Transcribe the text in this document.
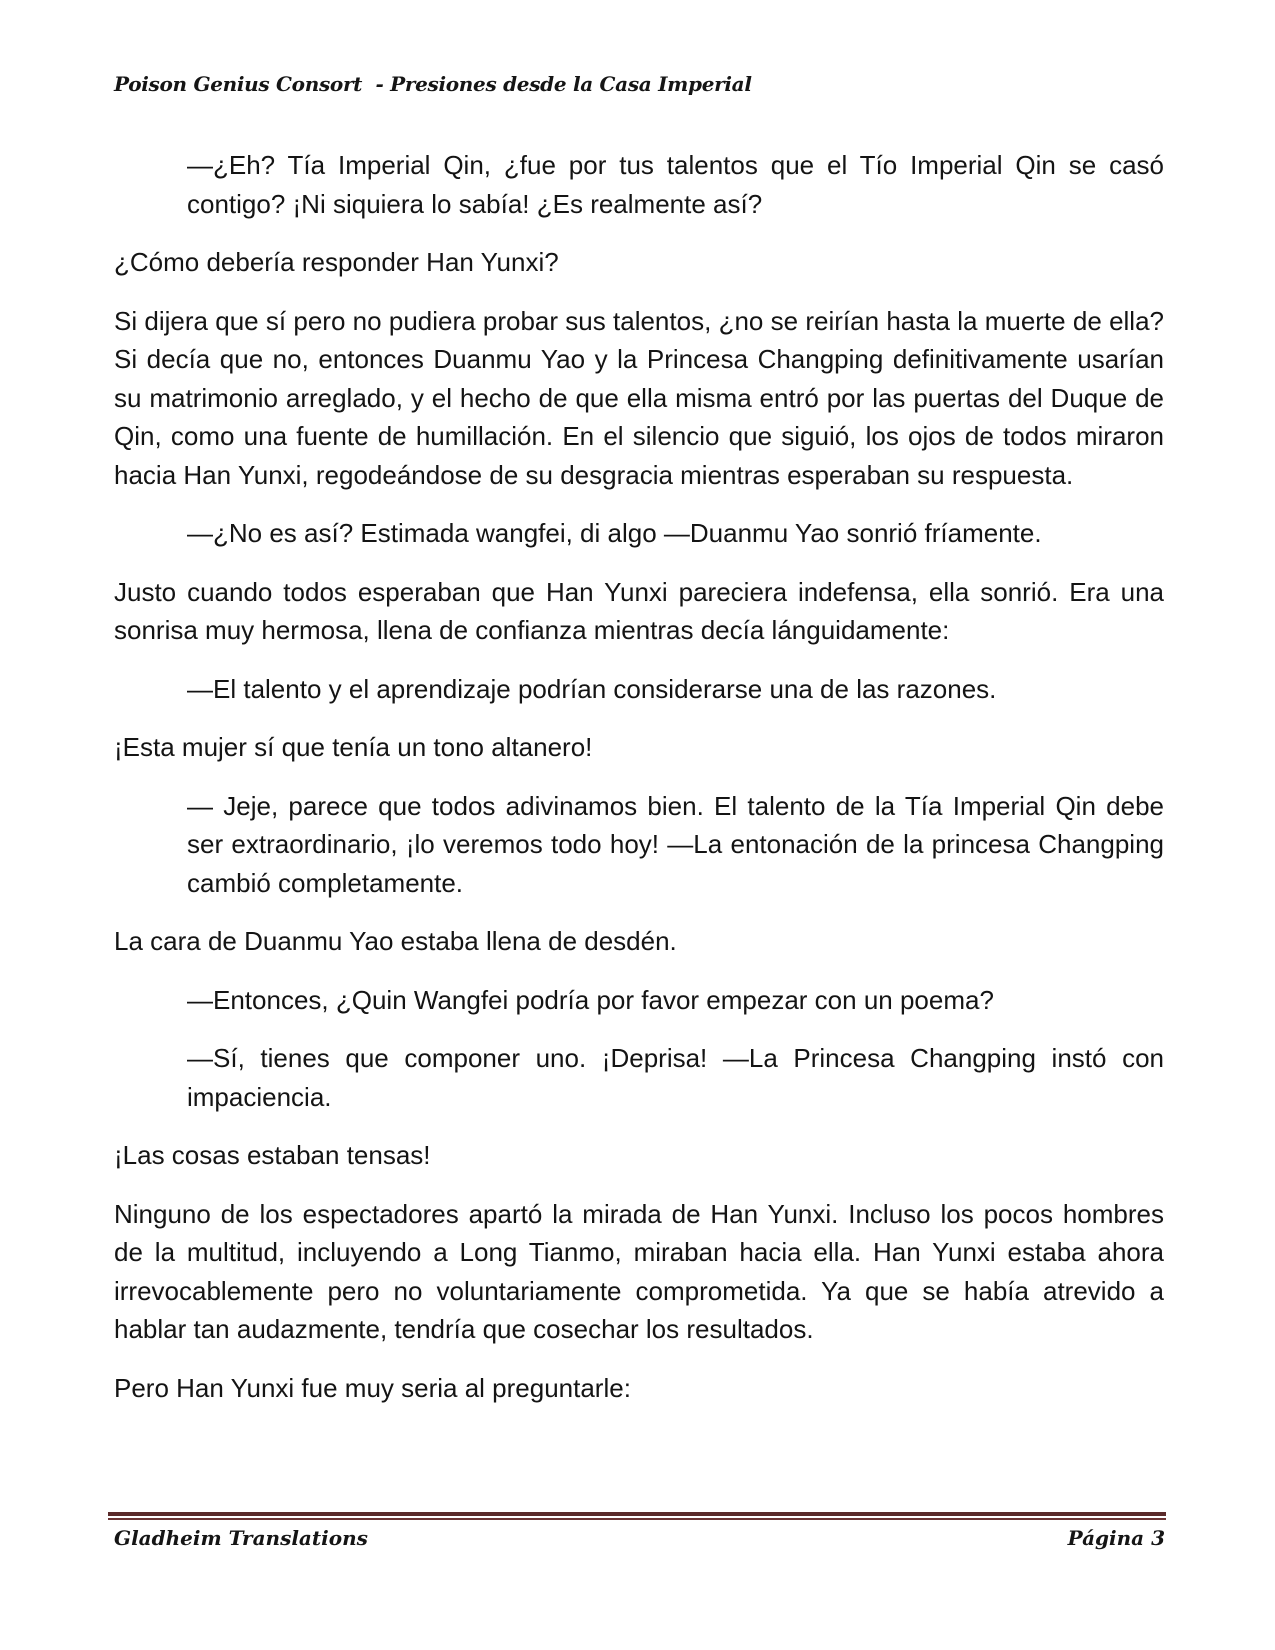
Poison Genius Consort  - Presiones desde la Casa Imperial

—¿Eh? Tía Imperial Qin, ¿fue por tus talentos que el Tío Imperial Qin se casó contigo? ¡Ni siquiera lo sabía! ¿Es realmente así?

¿Cómo debería responder Han Yunxi?

Si dijera que sí pero no pudiera probar sus talentos, ¿no se reirían hasta la muerte de ella? Si decía que no, entonces Duanmu Yao y la Princesa Changping definitivamente usarían su matrimonio arreglado, y el hecho de que ella misma entró por las puertas del Duque de Qin, como una fuente de humillación. En el silencio que siguió, los ojos de todos miraron hacia Han Yunxi, regodeándose de su desgracia mientras esperaban su respuesta.

—¿No es así? Estimada wangfei, di algo —Duanmu Yao sonrió fríamente.

Justo cuando todos esperaban que Han Yunxi pareciera indefensa, ella sonrió. Era una sonrisa muy hermosa, llena de confianza mientras decía lánguidamente:

—El talento y el aprendizaje podrían considerarse una de las razones.

¡Esta mujer sí que tenía un tono altanero!

— Jeje, parece que todos adivinamos bien. El talento de la Tía Imperial Qin debe ser extraordinario, ¡lo veremos todo hoy! —La entonación de la princesa Changping cambió completamente.

La cara de Duanmu Yao estaba llena de desdén.

—Entonces, ¿Quin Wangfei podría por favor empezar con un poema?

—Sí, tienes que componer uno. ¡Deprisa! —La Princesa Changping instó con impaciencia.

¡Las cosas estaban tensas!

Ninguno de los espectadores apartó la mirada de Han Yunxi. Incluso los pocos hombres de la multitud, incluyendo a Long Tianmo, miraban hacia ella. Han Yunxi estaba ahora irrevocablemente pero no voluntariamente comprometida. Ya que se había atrevido a hablar tan audazmente, tendría que cosechar los resultados.

Pero Han Yunxi fue muy seria al preguntarle:

Gladheim Translations	Página 3
